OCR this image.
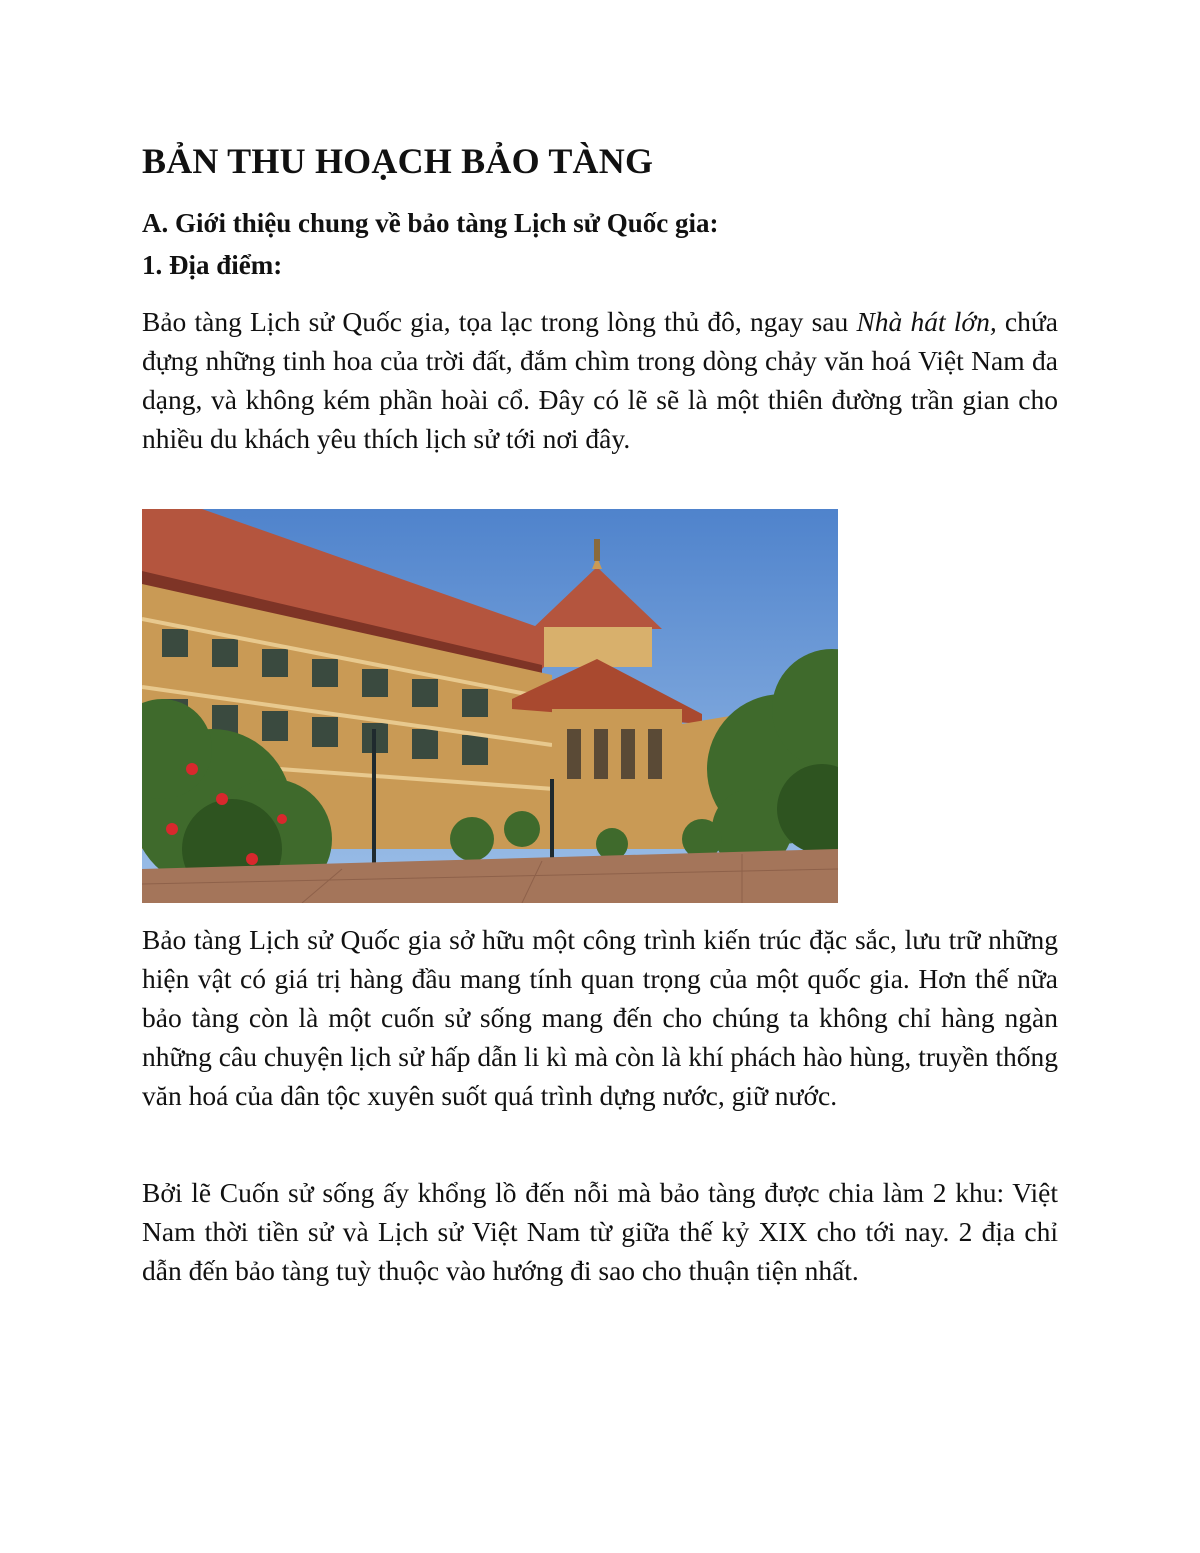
BẢN THU HOẠCH BẢO TÀNG
A. Giới thiệu chung về bảo tàng Lịch sử Quốc gia:
1. Địa điểm:

Bảo tàng Lịch sử Quốc gia, tọa lạc trong lòng thủ đô, ngay sau Nhà hát lớn, chứa đựng những tinh hoa của trời đất, đắm chìm trong dòng chảy văn hoá Việt Nam đa dạng, và không kém phần hoài cổ. Đây có lẽ sẽ là một thiên đường trần gian cho nhiều du khách yêu thích lịch sử tới nơi đây.

Bảo tàng Lịch sử Quốc gia sở hữu một công trình kiến trúc đặc sắc, lưu trữ những hiện vật có giá trị hàng đầu mang tính quan trọng của một quốc gia. Hơn thế nữa bảo tàng còn là một cuốn sử sống mang đến cho chúng ta không chỉ hàng ngàn những câu chuyện lịch sử hấp dẫn li kì mà còn là khí phách hào hùng, truyền thống văn hoá của dân tộc xuyên suốt quá trình dựng nước, giữ nước.

Bởi lẽ Cuốn sử sống ấy khổng lồ đến nỗi mà bảo tàng được chia làm 2 khu: Việt Nam thời tiền sử và Lịch sử Việt Nam từ giữa thế kỷ XIX cho tới nay. 2 địa chỉ dẫn đến bảo tàng tuỳ thuộc vào hướng đi sao cho thuận tiện nhất.
